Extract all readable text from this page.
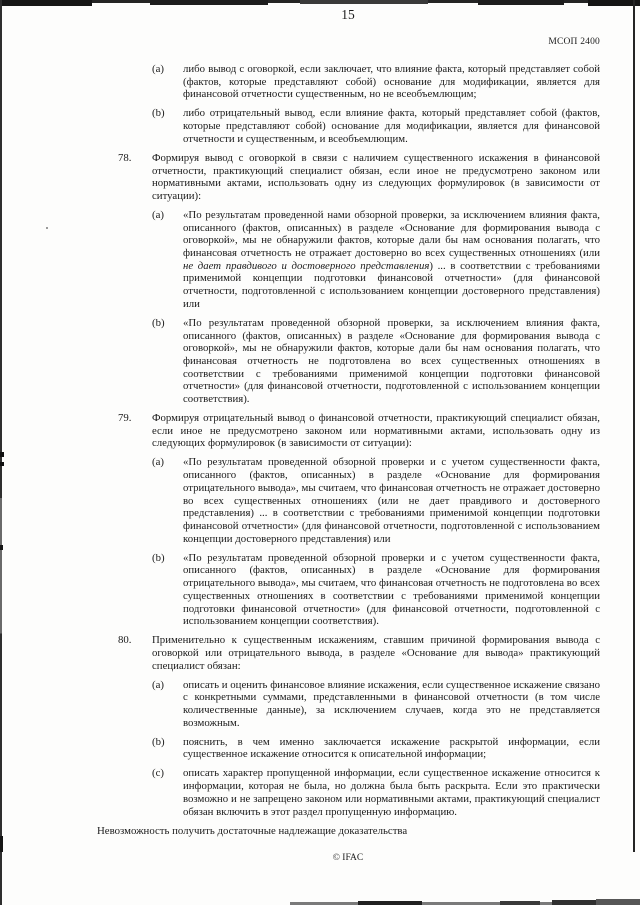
15
МСОП 2400
(a)	либо вывод с оговоркой, если заключает, что влияние факта, который представляет собой (фактов, которые представляют собой) основание для модификации, является для финансовой отчетности существенным, но не всеобъемлющим;
(b)	либо отрицательный вывод, если влияние факта, который представляет собой (фактов, которые представляют собой) основание для модификации, является для финансовой отчетности и существенным, и всеобъемлющим.
78.	Формируя вывод с оговоркой в связи с наличием существенного искажения в финансовой отчетности, практикующий специалист обязан, если иное не предусмотрено законом или нормативными актами, использовать одну из следующих формулировок (в зависимости от ситуации):
(a)	«По результатам проведенной нами обзорной проверки, за исключением влияния факта, описанного (фактов, описанных) в разделе «Основание для формирования вывода с оговоркой», мы не обнаружили фактов, которые дали бы нам основания полагать, что финансовая отчетность не отражает достоверно во всех существенных отношениях (или не дает правдивого и достоверного представления) ... в соответствии с требованиями применимой концепции подготовки финансовой отчетности» (для финансовой отчетности, подготовленной с использованием концепции достоверного представления) или
(b)	«По результатам проведенной обзорной проверки, за исключением влияния факта, описанного (фактов, описанных) в разделе «Основание для формирования вывода с оговоркой», мы не обнаружили фактов, которые дали бы нам основания полагать, что финансовая отчетность не подготовлена во всех существенных отношениях в соответствии с требованиями применимой концепции подготовки финансовой отчетности» (для финансовой отчетности, подготовленной с использованием концепции соответствия).
79.	Формируя отрицательный вывод о финансовой отчетности, практикующий специалист обязан, если иное не предусмотрено законом или нормативными актами, использовать одну из следующих формулировок (в зависимости от ситуации):
(a)	«По результатам проведенной обзорной проверки и с учетом существенности факта, описанного (фактов, описанных) в разделе «Основание для формирования отрицательного вывода», мы считаем, что финансовая отчетность не отражает достоверно во всех существенных отношениях (или не дает правдивого и достоверного представления) ... в соответствии с требованиями применимой концепции подготовки финансовой отчетности» (для финансовой отчетности, подготовленной с использованием концепции достоверного представления) или
(b)	«По результатам проведенной обзорной проверки и с учетом существенности факта, описанного (фактов, описанных) в разделе «Основание для формирования отрицательного вывода», мы считаем, что финансовая отчетность не подготовлена во всех существенных отношениях в соответствии с требованиями применимой концепции подготовки финансовой отчетности» (для финансовой отчетности, подготовленной с использованием концепции соответствия).
80.	Применительно к существенным искажениям, ставшим причиной формирования вывода с оговоркой или отрицательного вывода, в разделе «Основание для вывода» практикующий специалист обязан:
(a)	описать и оценить финансовое влияние искажения, если существенное искажение связано с конкретными суммами, представленными в финансовой отчетности (в том числе количественные данные), за исключением случаев, когда это не представляется возможным.
(b)	пояснить, в чем именно заключается искажение раскрытой информации, если существенное искажение относится к описательной информации;
(c)	описать характер пропущенной информации, если существенное искажение относится к информации, которая не была, но должна была быть раскрыта. Если это практически возможно и не запрещено законом или нормативными актами, практикующий специалист обязан включить в этот раздел пропущенную информацию.
Невозможность получить достаточные надлежащие доказательства
© IFAC
